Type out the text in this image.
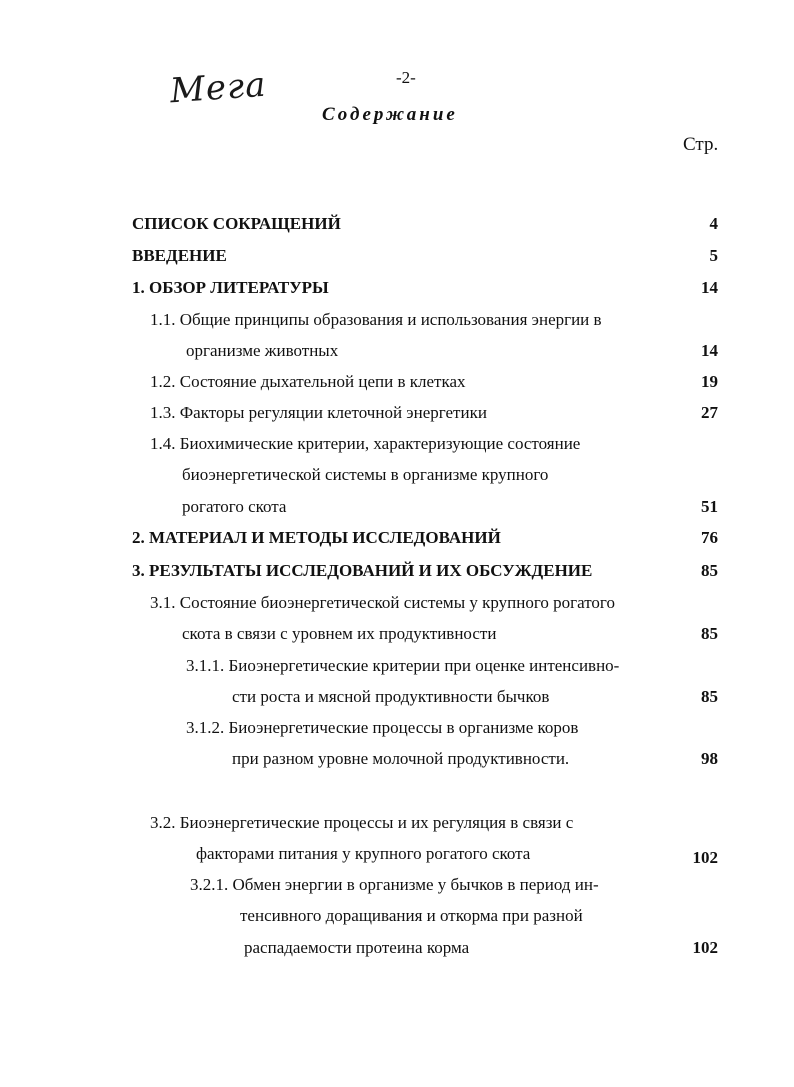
Мега	-2-
Содержание
Стр.
СПИСОК СОКРАЩЕНИЙ	4
ВВЕДЕНИЕ	5
1. ОБЗОР ЛИТЕРАТУРЫ	14
1.1. Общие принципы образования и использования энергии в
организме животных	14
1.2. Состояние дыхательной цепи в клетках	19
1.3. Факторы регуляции клеточной энергетики	27
1.4. Биохимические критерии, характеризующие состояние
биоэнергетической системы в организме крупного
рогатого скота	51
2. МАТЕРИАЛ И МЕТОДЫ ИССЛЕДОВАНИЙ	76
3. РЕЗУЛЬТАТЫ ИССЛЕДОВАНИЙ И ИХ ОБСУЖДЕНИЕ	85
3.1. Состояние биоэнергетической системы у крупного рогатого
скота в связи с уровнем их продуктивности	85
3.1.1. Биоэнергетические критерии при оценке интенсивно-
сти роста и мясной продуктивности бычков	85
3.1.2. Биоэнергетические процессы в организме коров
при разном уровне молочной продуктивности.	98
3.2. Биоэнергетические процессы и их регуляция в связи с
факторами питания у крупного рогатого скота	102
3.2.1. Обмен энергии в организме у бычков в период ин-
тенсивного доращивания и откорма при разной
распадаемости протеина корма	102
